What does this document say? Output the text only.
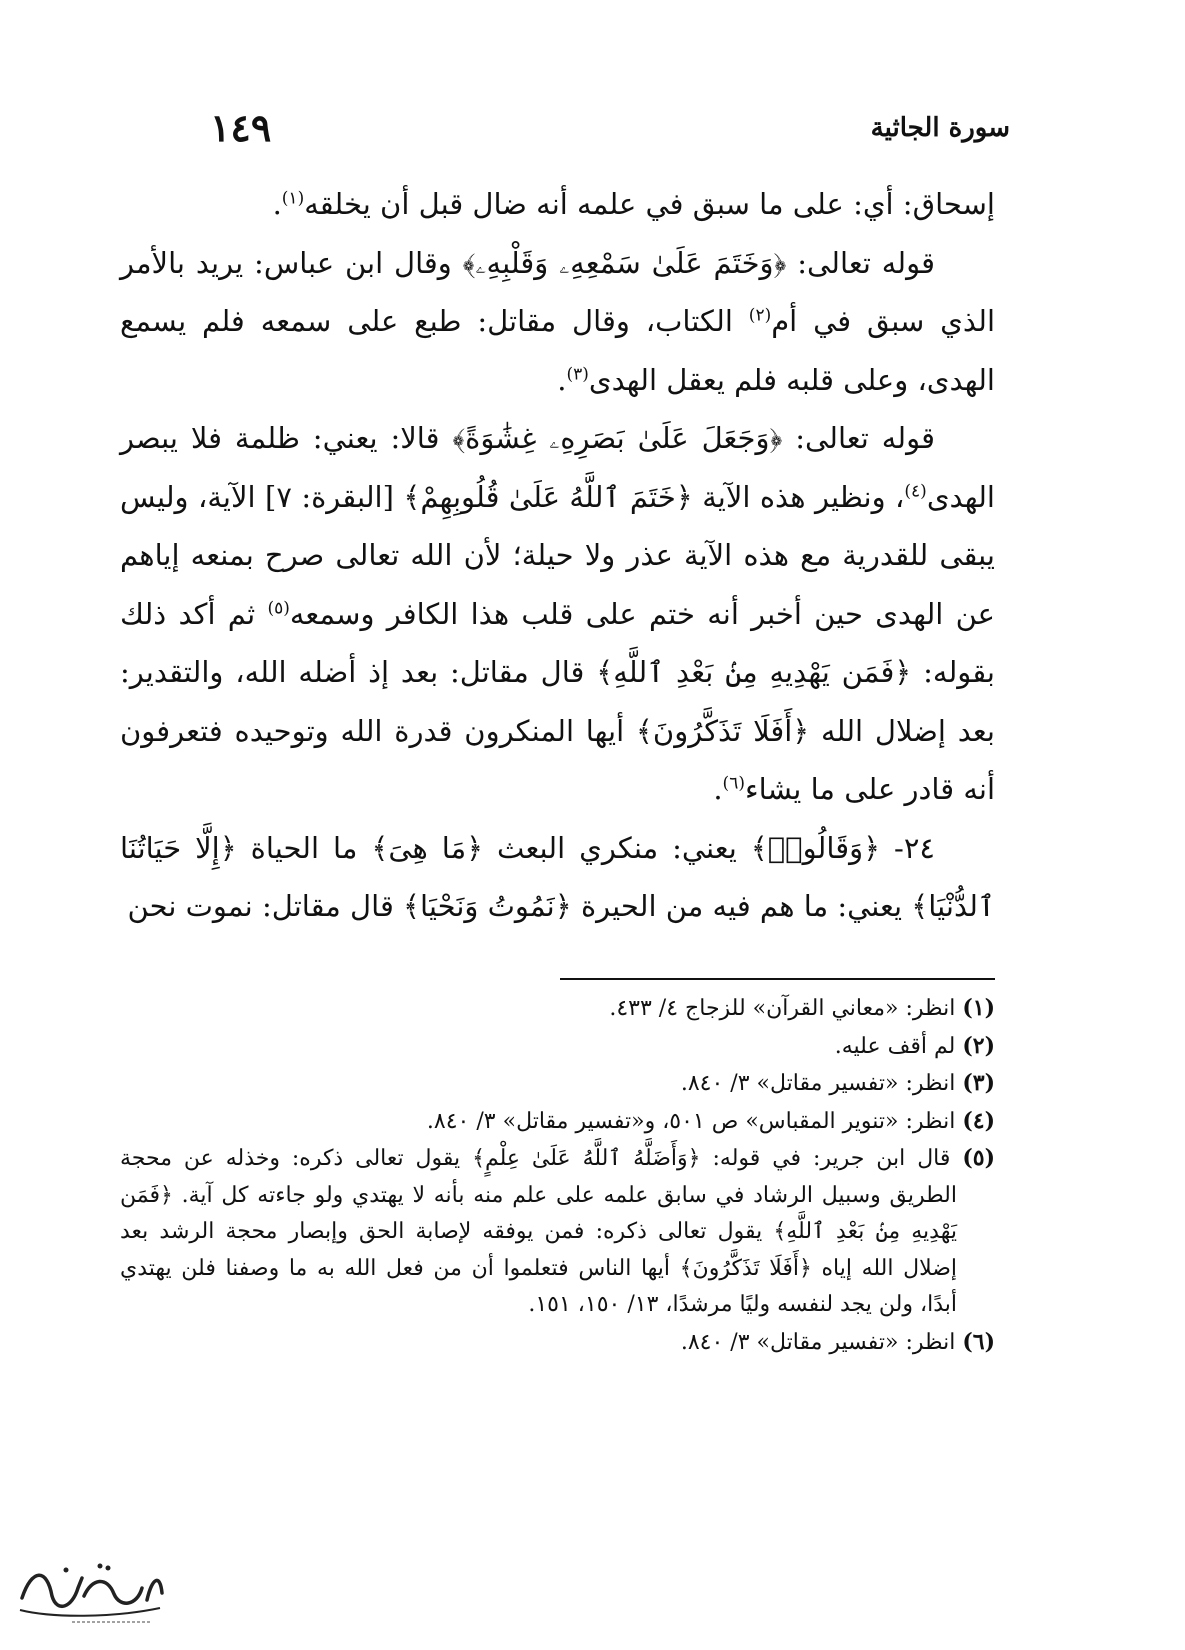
سورة الجاثية
١٤٩

إسحاق: أي: على ما سبق في علمه أنه ضال قبل أن يخلقه$^{(١)}$.

قوله تعالى: ﴿وَخَتَمَ عَلَىٰ سَمْعِهِۦ وَقَلْبِهِۦ﴾ وقال ابن عباس: يريد بالأمر الذي سبق في أم$^{(٢)}$ الكتاب، وقال مقاتل: طبع على سمعه فلم يسمع الهدى، وعلى قلبه فلم يعقل الهدى$^{(٣)}$.

قوله تعالى: ﴿وَجَعَلَ عَلَىٰ بَصَرِهِۦ غِشَٰوَةً﴾ قالا: يعني: ظلمة فلا يبصر الهدى$^{(٤)}$، ونظير هذه الآية ﴿خَتَمَ ٱللَّهُ عَلَىٰ قُلُوبِهِمْ﴾ [البقرة: ٧] الآية، وليس يبقى للقدرية مع هذه الآية عذر ولا حيلة؛ لأن الله تعالى صرح بمنعه إياهم عن الهدى حين أخبر أنه ختم على قلب هذا الكافر وسمعه$^{(٥)}$ ثم أكد ذلك بقوله: ﴿فَمَن يَهْدِيهِ مِنۢ بَعْدِ ٱللَّهِ﴾ قال مقاتل: بعد إذ أضله الله، والتقدير: بعد إضلال الله ﴿أَفَلَا تَذَكَّرُونَ﴾ أيها المنكرون قدرة الله وتوحيده فتعرفون أنه قادر على ما يشاء$^{(٦)}$.

٢٤- ﴿وَقَالُوا۟﴾ يعني: منكري البعث ﴿مَا هِىَ﴾ ما الحياة ﴿إِلَّا حَيَاتُنَا ٱلدُّنْيَا﴾ يعني: ما هم فيه من الحيرة ﴿نَمُوتُ وَنَحْيَا﴾ قال مقاتل: نموت نحن

(١) انظر: «معاني القرآن» للزجاج ٤/ ٤٣٣.

(٢) لم أقف عليه.

(٣) انظر: «تفسير مقاتل» ٣/ ٨٤٠.

(٤) انظر: «تنوير المقباس» ص ٥٠١، و«تفسير مقاتل» ٣/ ٨٤٠.

(٥) قال ابن جرير: في قوله: ﴿وَأَضَلَّهُ ٱللَّهُ عَلَىٰ عِلْمٍ﴾ يقول تعالى ذكره: وخذله عن محجة الطريق وسبيل الرشاد في سابق علمه على علم منه بأنه لا يهتدي ولو جاءته كل آية. ﴿فَمَن يَهْدِيهِ مِنۢ بَعْدِ ٱللَّهِ﴾ يقول تعالى ذكره: فمن يوفقه لإصابة الحق وإبصار محجة الرشد بعد إضلال الله إياه ﴿أَفَلَا تَذَكَّرُونَ﴾ أيها الناس فتعلموا أن من فعل الله به ما وصفنا فلن يهتدي أبدًا، ولن يجد لنفسه وليًا مرشدًا، ١٣/ ١٥٠، ١٥١.

(٦) انظر: «تفسير مقاتل» ٣/ ٨٤٠.
